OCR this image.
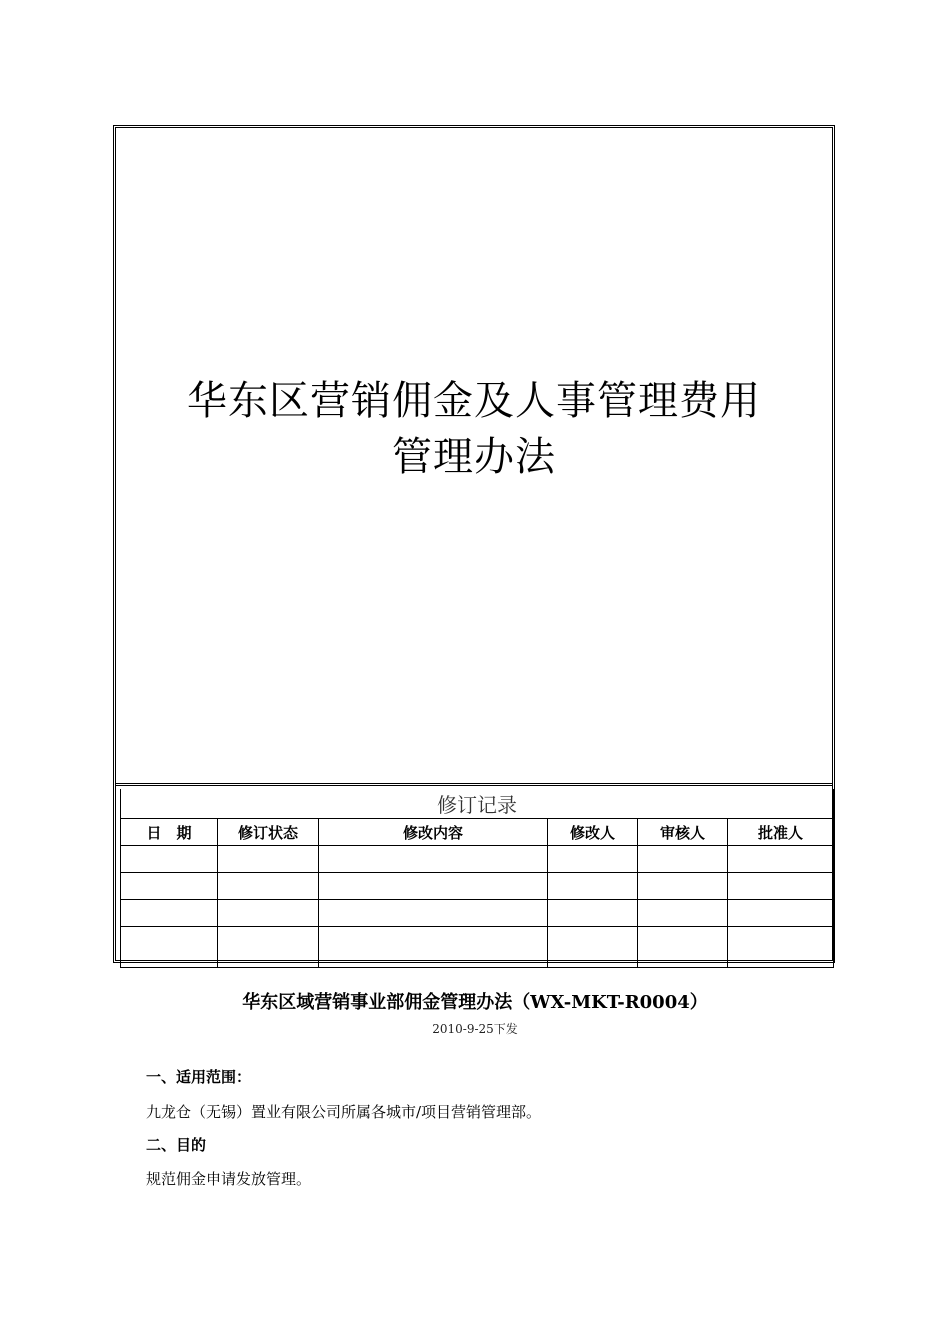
华东区营销佣金及人事管理费用
管理办法
修订记录					
日　期	修订状态	修改内容	修改人	审核人	批准人

华东区域营销事业部佣金管理办法（WX-MKT-R0004）
2010-9-25下发
一、适用范围：
九龙仓（无锡）置业有限公司所属各城市/项目营销管理部。
二、目的
规范佣金申请发放管理。
